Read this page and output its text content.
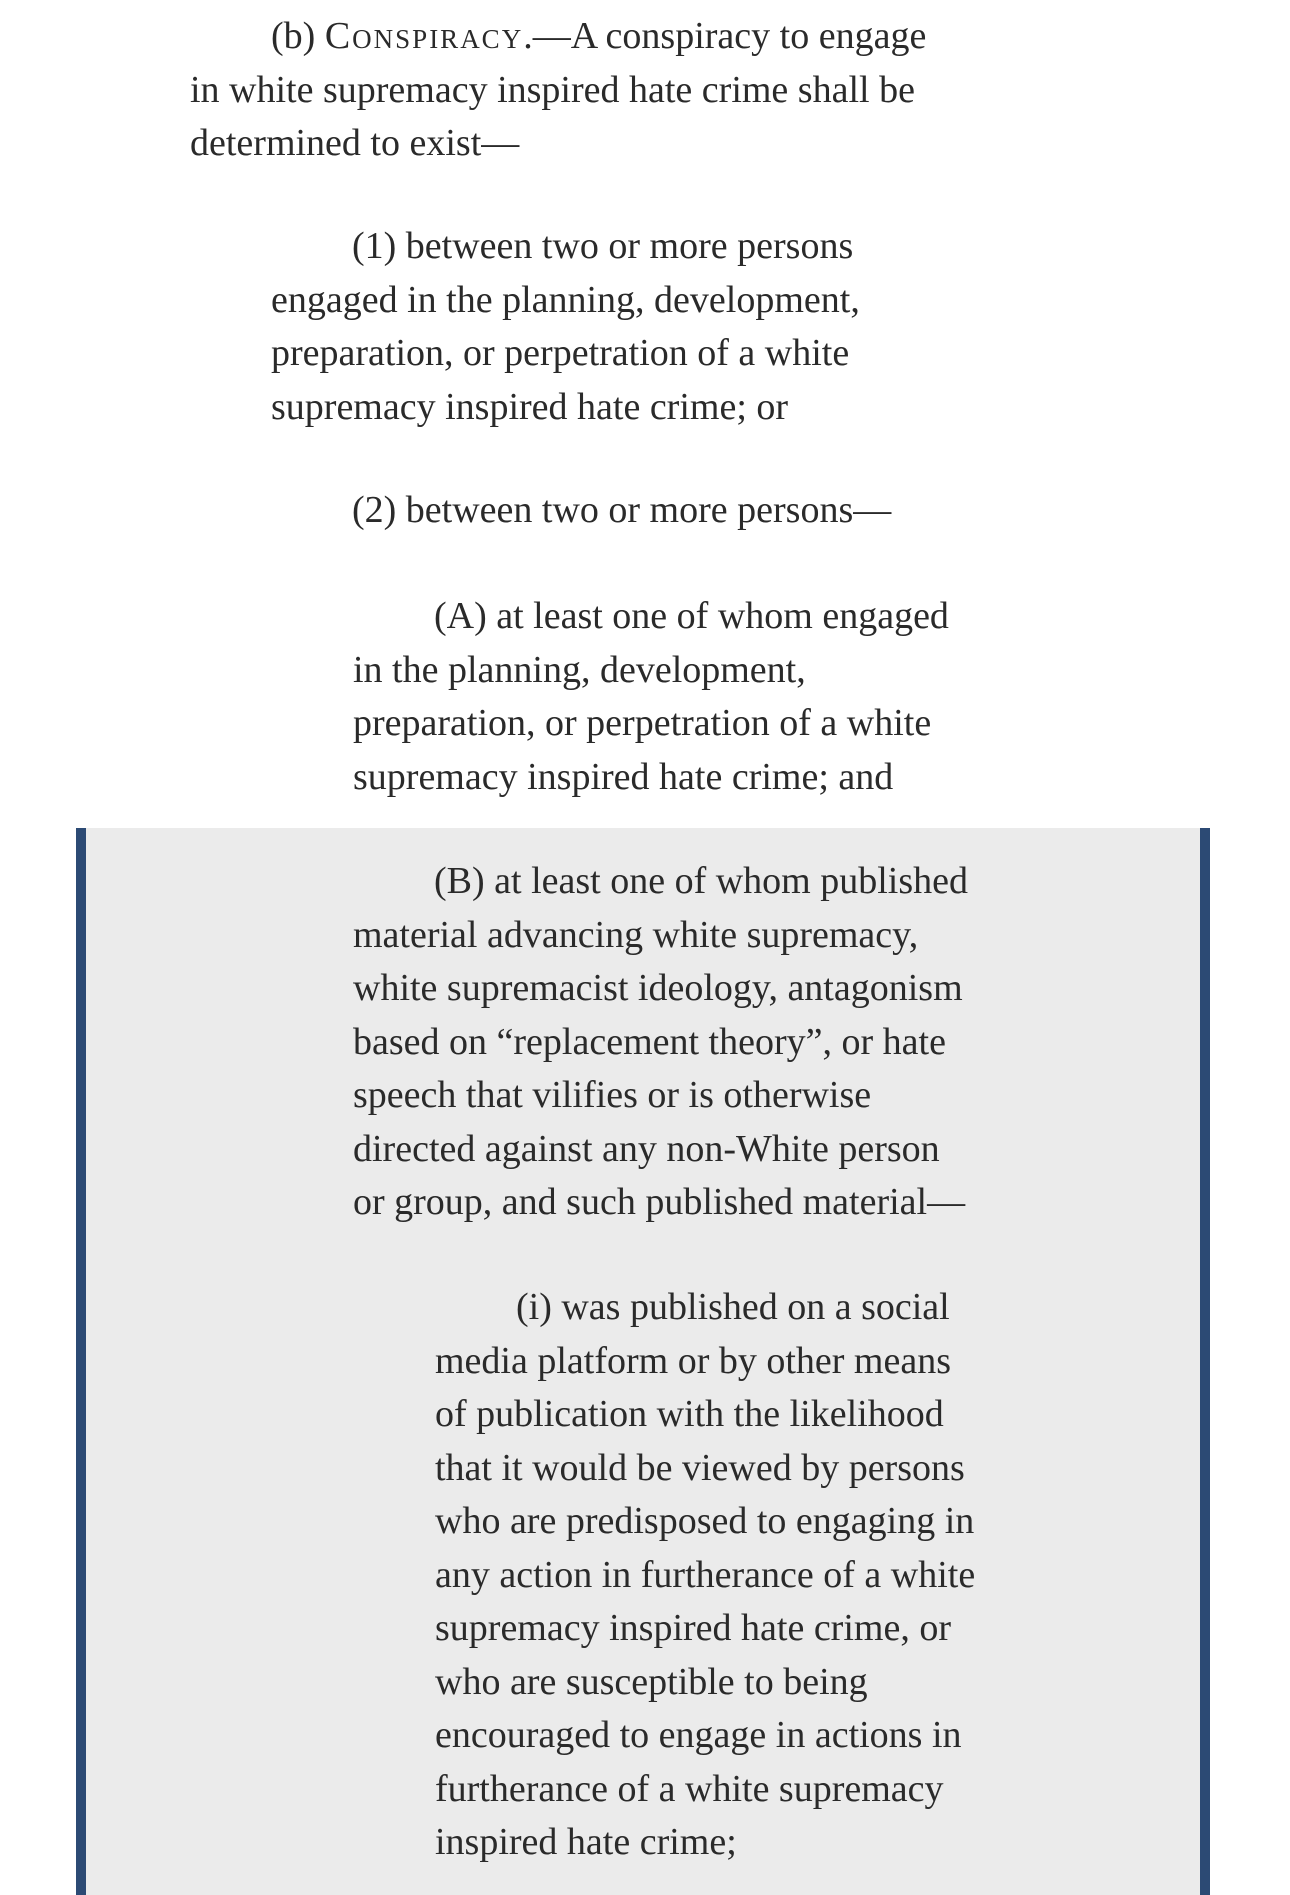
(b) Conspiracy.—A conspiracy to engage
in white supremacy inspired hate crime shall be
determined to exist—

(1) between two or more persons
engaged in the planning, development,
preparation, or perpetration of a white
supremacy inspired hate crime; or

(2) between two or more persons—

(A) at least one of whom engaged
in the planning, development,
preparation, or perpetration of a white
supremacy inspired hate crime; and

(B) at least one of whom published
material advancing white supremacy,
white supremacist ideology, antagonism
based on “replacement theory”, or hate
speech that vilifies or is otherwise
directed against any non-White person
or group, and such published material—

(i) was published on a social
media platform or by other means
of publication with the likelihood
that it would be viewed by persons
who are predisposed to engaging in
any action in furtherance of a white
supremacy inspired hate crime, or
who are susceptible to being
encouraged to engage in actions in
furtherance of a white supremacy
inspired hate crime;
